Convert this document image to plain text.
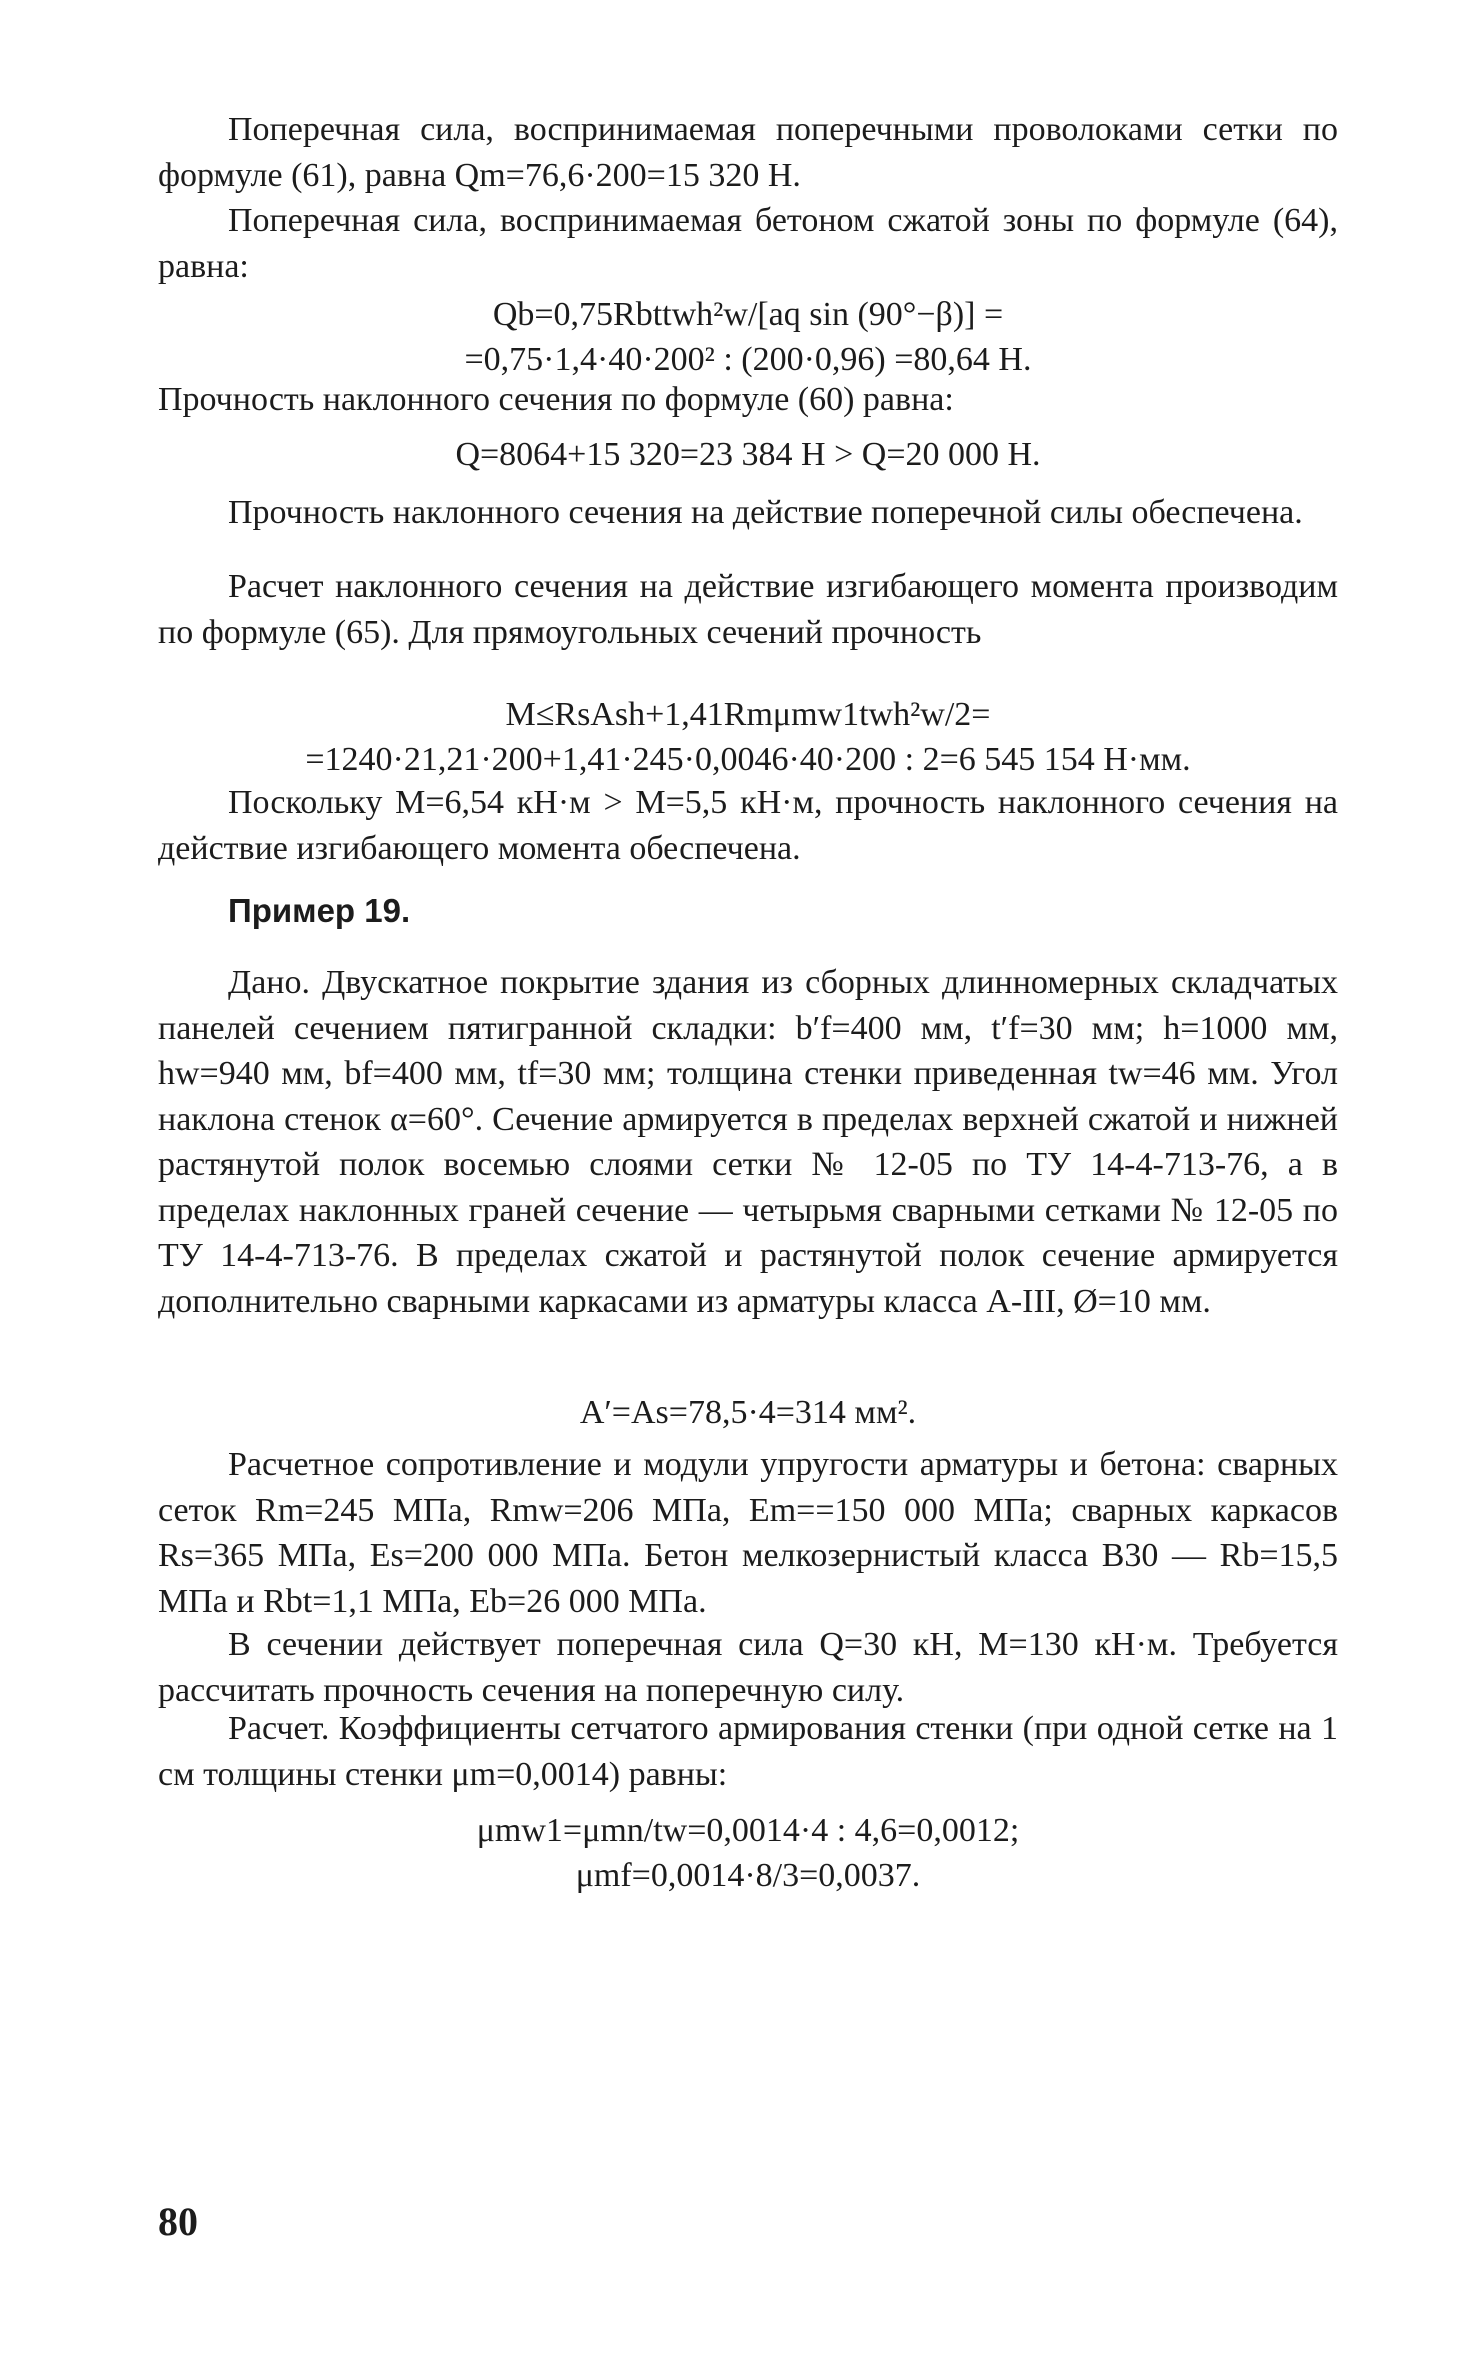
Поперечная сила, воспринимаемая поперечными проволоками сетки по формуле (61), равна Qm=76,6·200=15 320 Н.

Поперечная сила, воспринимаемая бетоном сжатой зоны по формуле (64), равна:

Qb=0,75Rbttwh²w/[aq sin (90°−β)] =
=0,75·1,4·40·200² : (200·0,96) =80,64 Н.

Прочность наклонного сечения по формуле (60) равна:

Q=8064+15 320=23 384 Н > Q=20 000 Н.

Прочность наклонного сечения на действие поперечной силы обеспечена.

Расчет наклонного сечения на действие изгибающего момента производим по формуле (65). Для прямоугольных сечений прочность

M≤RsAsh+1,41Rmμmw1twh²w/2=
=1240·21,21·200+1,41·245·0,0046·40·200 : 2=6 545 154 Н·мм.

Поскольку M=6,54 кН·м > M=5,5 кН·м, прочность наклонного сечения на действие изгибающего момента обеспечена.

Пример 19.

Дано. Двускатное покрытие здания из сборных длинномерных складчатых панелей сечением пятигранной складки: b′f=400 мм, t′f=30 мм; h=1000 мм, hw=940 мм, bf=400 мм, tf=30 мм; толщина стенки приведенная tw=46 мм. Угол наклона стенок α=60°. Сечение армируется в пределах верхней сжатой и нижней растянутой полок восемью слоями сетки № 12-05 по ТУ 14-4-713-76, а в пределах наклонных граней сечение — четырьмя сварными сетками № 12-05 по ТУ 14-4-713-76. В пределах сжатой и растянутой полок сечение армируется дополнительно сварными каркасами из арматуры класса А-III, Ø=10 мм.

A′=As=78,5·4=314 мм².

Расчетное сопротивление и модули упругости арматуры и бетона: сварных сеток Rm=245 МПа, Rmw=206 МПа, Em==150 000 МПа; сварных каркасов Rs=365 МПа, Es=200 000 МПа. Бетон мелкозернистый класса В30 — Rb=15,5 МПа и Rbt=1,1 МПа, Eb=26 000 МПа.

В сечении действует поперечная сила Q=30 кН, M=130 кН·м. Требуется рассчитать прочность сечения на поперечную силу.

Расчет. Коэффициенты сетчатого армирования стенки (при одной сетке на 1 см толщины стенки μm=0,0014) равны:

μmw1=μmn/tw=0,0014·4 : 4,6=0,0012;
μmf=0,0014·8/3=0,0037.
80
